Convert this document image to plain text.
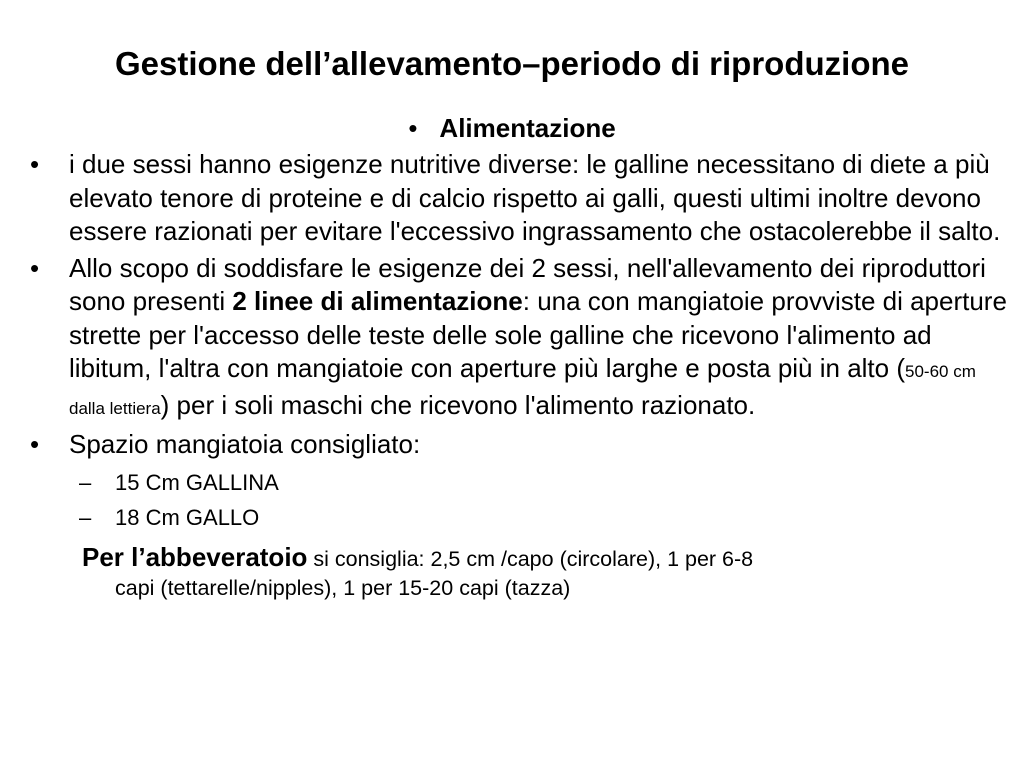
Gestione dell’allevamento–periodo di riproduzione
• Alimentazione
• i due sessi hanno esigenze nutritive diverse: le galline necessitano di diete a più elevato tenore di proteine e di calcio rispetto ai galli, questi ultimi inoltre devono essere razionati per evitare l'eccessivo ingrassamento che ostacolerebbe il salto.
• Allo scopo di soddisfare le esigenze dei 2 sessi, nell'allevamento dei riproduttori sono presenti 2 linee di alimentazione: una con mangiatoie provviste di aperture strette per l'accesso delle teste delle sole galline che ricevono l'alimento ad libitum, l'altra con mangiatoie con aperture più larghe e posta più in alto (50-60 cm dalla lettiera) per i soli maschi che ricevono l'alimento razionato.
• Spazio mangiatoia consigliato:
– 15 Cm GALLINA
– 18 Cm GALLO
Per l’abbeveratoio si consiglia: 2,5 cm /capo (circolare), 1 per 6-8
capi (tettarelle/nipples), 1 per 15-20 capi (tazza)
